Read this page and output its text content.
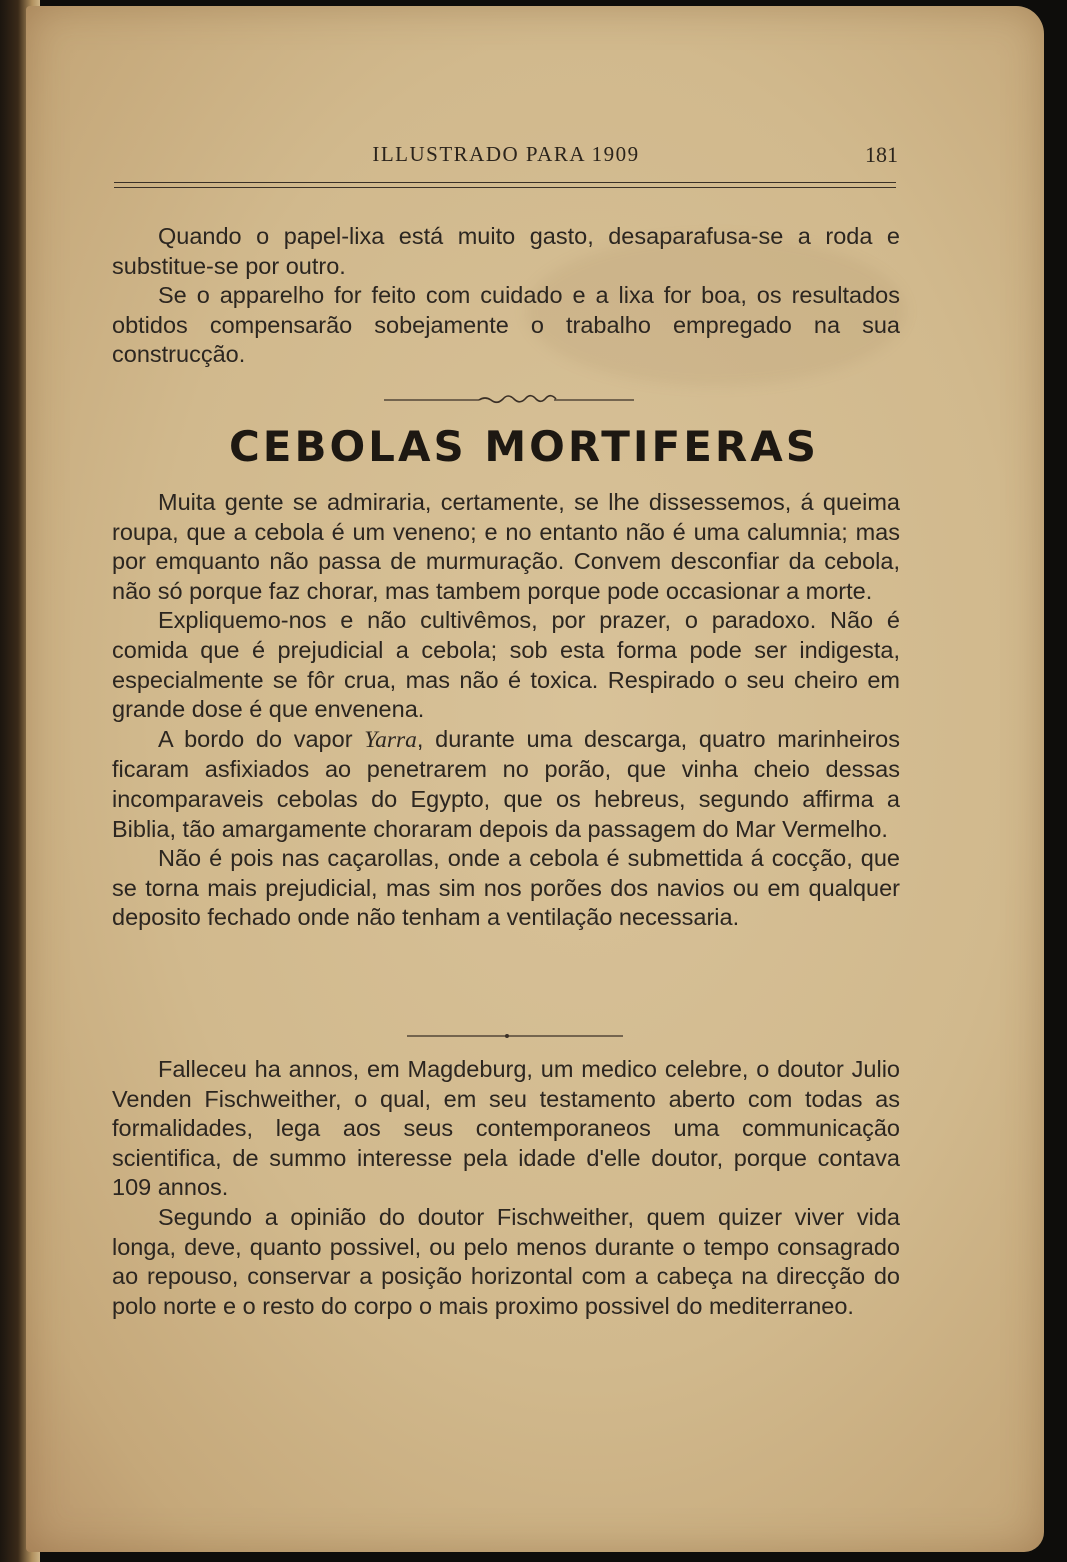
ILLUSTRADO PARA 1909	181

Quando o papel-lixa está muito gasto, desaparafusa-se a roda e substitue-se por outro.

Se o apparelho for feito com cuidado e a lixa for boa, os resultados obtidos compensarão sobejamente o trabalho empregado na sua construcção.

CEBOLAS MORTIFERAS

Muita gente se admiraria, certamente, se lhe dissessemos, á queima roupa, que a cebola é um veneno; e no entanto não é uma calumnia; mas por emquanto não passa de murmuração. Convem desconfiar da cebola, não só porque faz chorar, mas tambem porque pode occasionar a morte.

Expliquemo-nos e não cultivêmos, por prazer, o paradoxo. Não é comida que é prejudicial a cebola; sob esta forma pode ser indigesta, especialmente se fôr crua, mas não é toxica. Respirado o seu cheiro em grande dose é que envenena.

A bordo do vapor Yarra, durante uma descarga, quatro marinheiros ficaram asfixiados ao penetrarem no porão, que vinha cheio dessas incomparaveis cebolas do Egypto, que os hebreus, segundo affirma a Biblia, tão amargamente choraram depois da passagem do Mar Vermelho.

Não é pois nas caçarollas, onde a cebola é submettida á cocção, que se torna mais prejudicial, mas sim nos porões dos navios ou em qualquer deposito fechado onde não tenham a ventilação necessaria.

Falleceu ha annos, em Magdeburg, um medico celebre, o doutor Julio Venden Fischweither, o qual, em seu testamento aberto com todas as formalidades, lega aos seus contemporaneos uma communicação scientifica, de summo interesse pela idade d'elle doutor, porque contava 109 annos.

Segundo a opinião do doutor Fischweither, quem quizer viver vida longa, deve, quanto possivel, ou pelo menos durante o tempo consagrado ao repouso, conservar a posição horizontal com a cabeça na direcção do polo norte e o resto do corpo o mais proximo possivel do mediterraneo.
